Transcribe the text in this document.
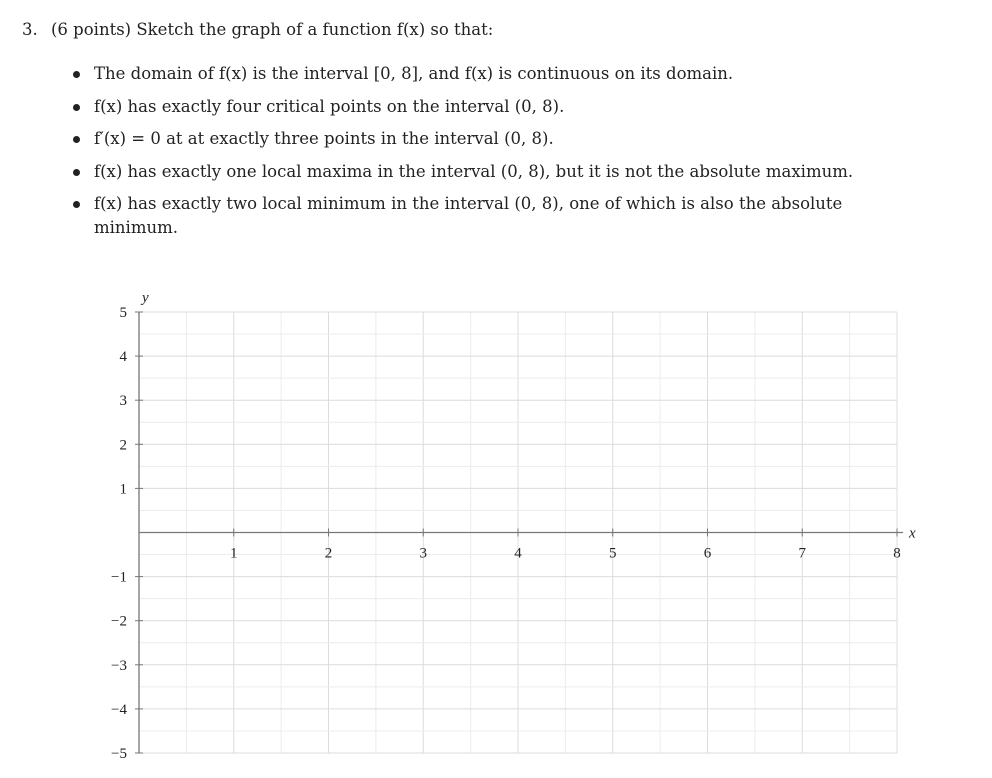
3. (6 points) Sketch the graph of a function f(x) so that:

The domain of f(x) is the interval [0, 8], and f(x) is continuous on its domain.
f(x) has exactly four critical points on the interval (0, 8).
f′(x) = 0 at at exactly three points in the interval (0, 8).
f(x) has exactly one local maxima in the interval (0, 8), but it is not the absolute maximum.
f(x) has exactly two local minimum in the interval (0, 8), one of which is also the absolute minimum.
y
x
1	2	3	4	5	6	7	8
5
4
3
2
1
−1
−2
−3
−4
−5
